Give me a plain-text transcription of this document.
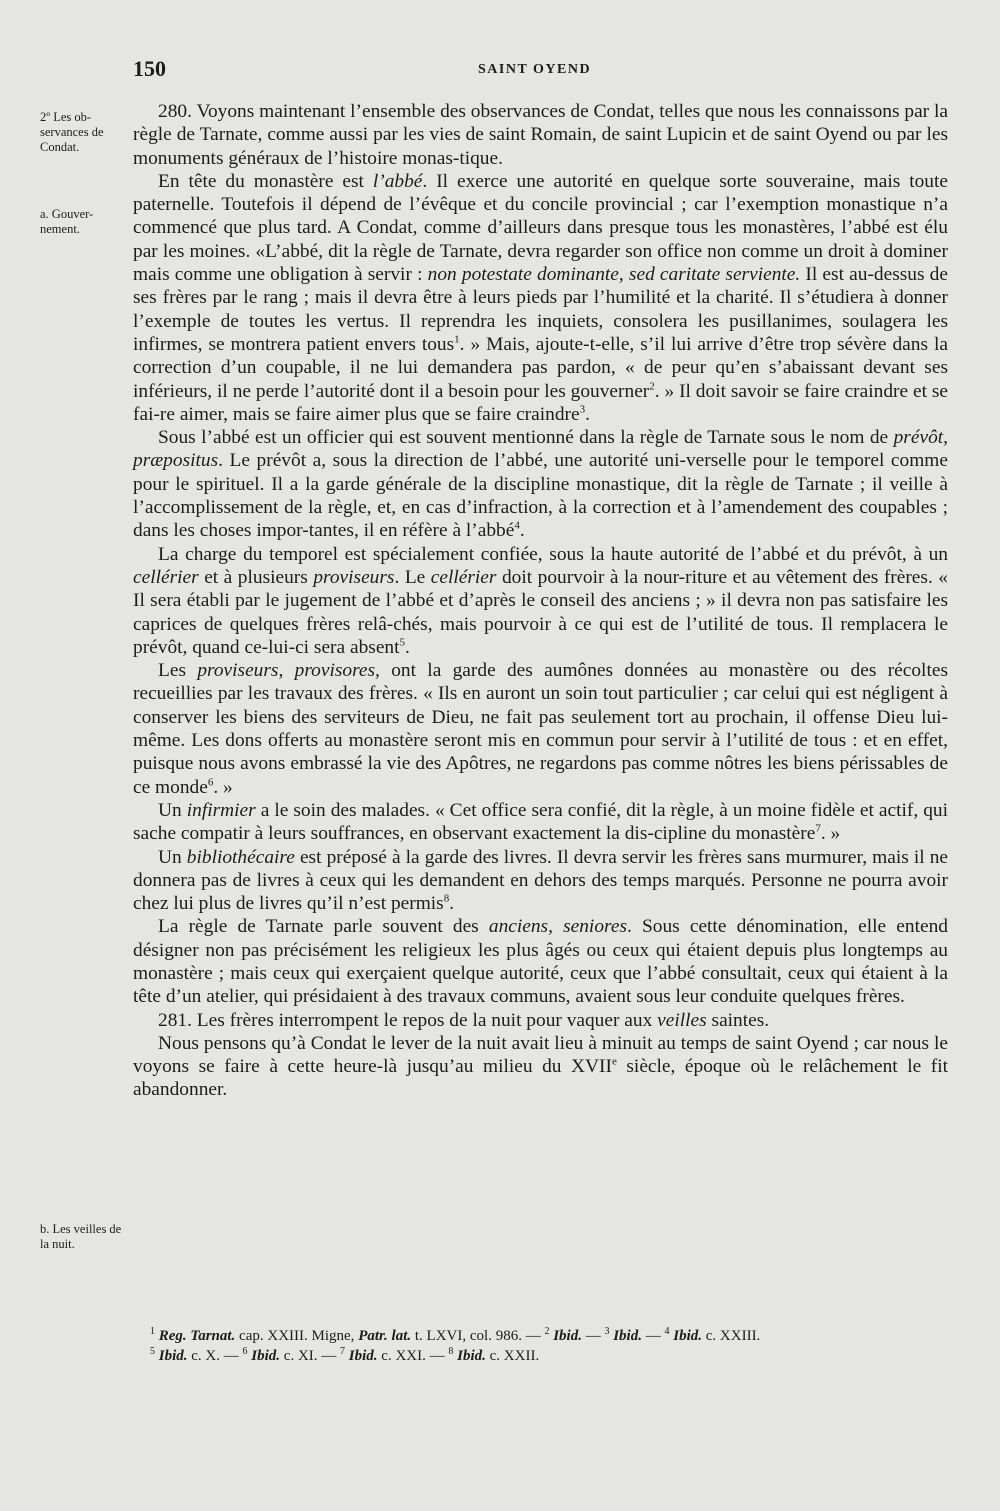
150	SAINT OYEND
2º Les ob-servances de Condat.
a. Gouver-nement.
b. Les veilles de la nuit.

280. Voyons maintenant l’ensemble des observances de Condat, telles que nous les connaissons par la règle de Tarnate, comme aussi par les vies de saint Romain, de saint Lupicin et de saint Oyend ou par les monuments généraux de l’histoire monas-tique.

En tête du monastère est l’abbé. Il exerce une autorité en quelque sorte souveraine, mais toute paternelle. Toutefois il dépend de l’évêque et du concile provincial ; car l’exemption monastique n’a commencé que plus tard. A Condat, comme d’ailleurs dans presque tous les monastères, l’abbé est élu par les moines. «L’abbé, dit la règle de Tarnate, devra regarder son office non comme un droit à dominer mais comme une obligation à servir : non potestate dominante, sed caritate serviente. Il est au-dessus de ses frères par le rang ; mais il devra être à leurs pieds par l’humilité et la charité. Il s’étudiera à donner l’exemple de toutes les vertus. Il reprendra les inquiets, consolera les pusillanimes, soulagera les infirmes, se montrera patient envers tous$^1$. » Mais, ajoute-t-elle, s’il lui arrive d’être trop sévère dans la correction d’un coupable, il ne lui demandera pas pardon, « de peur qu’en s’abaissant devant ses inférieurs, il ne perde l’autorité dont il a besoin pour les gouverner$^2$. » Il doit savoir se faire craindre et se fai-re aimer, mais se faire aimer plus que se faire craindre$^3$.

Sous l’abbé est un officier qui est souvent mentionné dans la règle de Tarnate sous le nom de prévôt, præpositus. Le prévôt a, sous la direction de l’abbé, une autorité uni-verselle pour le temporel comme pour le spirituel. Il a la garde générale de la discipline monastique, dit la règle de Tarnate ; il veille à l’accomplissement de la règle, et, en cas d’infraction, à la correction et à l’amendement des coupables ; dans les choses impor-tantes, il en réfère à l’abbé$^4$.

La charge du temporel est spécialement confiée, sous la haute autorité de l’abbé et du prévôt, à un cellérier et à plusieurs proviseurs. Le cellérier doit pourvoir à la nour-riture et au vêtement des frères. « Il sera établi par le jugement de l’abbé et d’après le conseil des anciens ; » il devra non pas satisfaire les caprices de quelques frères relâ-chés, mais pourvoir à ce qui est de l’utilité de tous. Il remplacera le prévôt, quand ce-lui-ci sera absent$^5$.

Les proviseurs, provisores, ont la garde des aumônes données au monastère ou des récoltes recueillies par les travaux des frères. « Ils en auront un soin tout particulier ; car celui qui est négligent à conserver les biens des serviteurs de Dieu, ne fait pas seulement tort au prochain, il offense Dieu lui-même. Les dons offerts au monastère seront mis en commun pour servir à l’utilité de tous : et en effet, puisque nous avons embrassé la vie des Apôtres, ne regardons pas comme nôtres les biens périssables de ce monde$^6$. »

Un infirmier a le soin des malades. « Cet office sera confié, dit la règle, à un moine fidèle et actif, qui sache compatir à leurs souffrances, en observant exactement la dis-cipline du monastère$^7$. »

Un bibliothécaire est préposé à la garde des livres. Il devra servir les frères sans murmurer, mais il ne donnera pas de livres à ceux qui les demandent en dehors des temps marqués. Personne ne pourra avoir chez lui plus de livres qu’il n’est permis$^8$.

La règle de Tarnate parle souvent des anciens, seniores. Sous cette dénomination, elle entend désigner non pas précisément les religieux les plus âgés ou ceux qui étaient depuis plus longtemps au monastère ; mais ceux qui exerçaient quelque autorité, ceux que l’abbé consultait, ceux qui étaient à la tête d’un atelier, qui présidaient à des travaux communs, avaient sous leur conduite quelques frères.

281. Les frères interrompent le repos de la nuit pour vaquer aux veilles saintes.

Nous pensons qu’à Condat le lever de la nuit avait lieu à minuit au temps de saint Oyend ; car nous le voyons se faire à cette heure-là jusqu’au milieu du XVIIe siècle, époque où le relâchement le fit abandonner.

$^1$ Reg. Tarnat. cap. XXIII. Migne, Patr. lat. t. LXVI, col. 986. — $^2$ Ibid. — $^3$ Ibid. — $^4$ Ibid. c. XXIII.
$^5$ Ibid. c. X. — $^6$ Ibid. c. XI. — $^7$ Ibid. c. XXI. — $^8$ Ibid. c. XXII.
